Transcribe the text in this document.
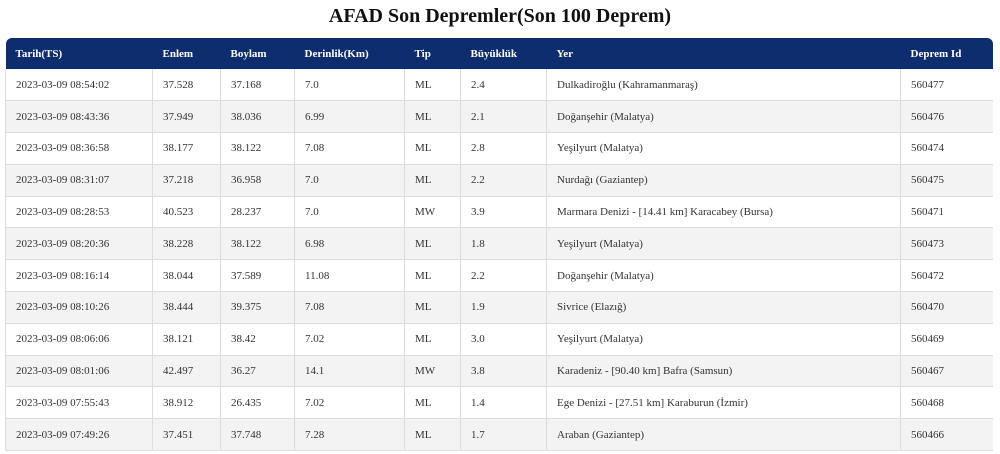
AFAD Son Depremler(Son 100 Deprem)
Tarih(TS)	Enlem	Boylam	Derinlik(Km)	Tip	Büyüklük	Yer	Deprem Id
2023-03-09 08:54:02	37.528	37.168	7.0	ML	2.4	Dulkadiroğlu (Kahramanmaraş)	560477
2023-03-09 08:43:36	37.949	38.036	6.99	ML	2.1	Doğanşehir (Malatya)	560476
2023-03-09 08:36:58	38.177	38.122	7.08	ML	2.8	Yeşilyurt (Malatya)	560474
2023-03-09 08:31:07	37.218	36.958	7.0	ML	2.2	Nurdağı (Gaziantep)	560475
2023-03-09 08:28:53	40.523	28.237	7.0	MW	3.9	Marmara Denizi - [14.41 km] Karacabey (Bursa)	560471
2023-03-09 08:20:36	38.228	38.122	6.98	ML	1.8	Yeşilyurt (Malatya)	560473
2023-03-09 08:16:14	38.044	37.589	11.08	ML	2.2	Doğanşehir (Malatya)	560472
2023-03-09 08:10:26	38.444	39.375	7.08	ML	1.9	Sivrice (Elazığ)	560470
2023-03-09 08:06:06	38.121	38.42	7.02	ML	3.0	Yeşilyurt (Malatya)	560469
2023-03-09 08:01:06	42.497	36.27	14.1	MW	3.8	Karadeniz - [90.40 km] Bafra (Samsun)	560467
2023-03-09 07:55:43	38.912	26.435	7.02	ML	1.4	Ege Denizi - [27.51 km] Karaburun (İzmir)	560468
2023-03-09 07:49:26	37.451	37.748	7.28	ML	1.7	Araban (Gaziantep)	560466
